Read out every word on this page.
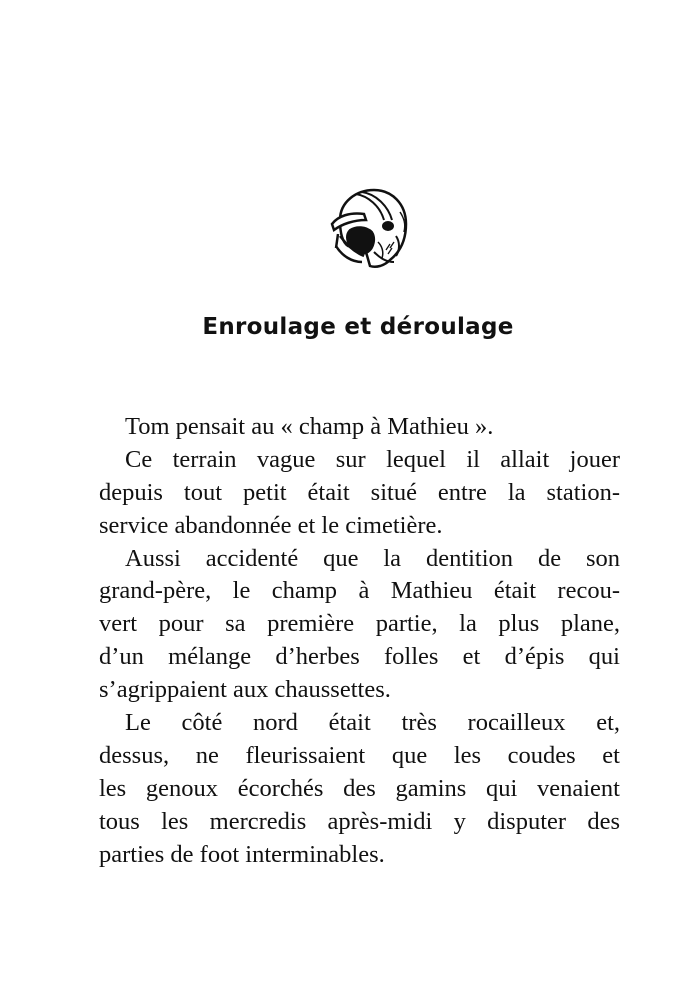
Enroulage et déroulage
Tom pensait au « champ à Mathieu ».
Ce terrain vague sur lequel il allait jouer
depuis tout petit était situé entre la station-
service abandonnée et le cimetière.
Aussi accidenté que la dentition de son
grand-père, le champ à Mathieu était recou-
vert pour sa première partie, la plus plane,
d’un mélange d’herbes folles et d’épis qui
s’agrippaient aux chaussettes.
Le côté nord était très rocailleux et,
dessus, ne fleurissaient que les coudes et
les genoux écorchés des gamins qui venaient
tous les mercredis après-midi y disputer des
parties de foot interminables.
